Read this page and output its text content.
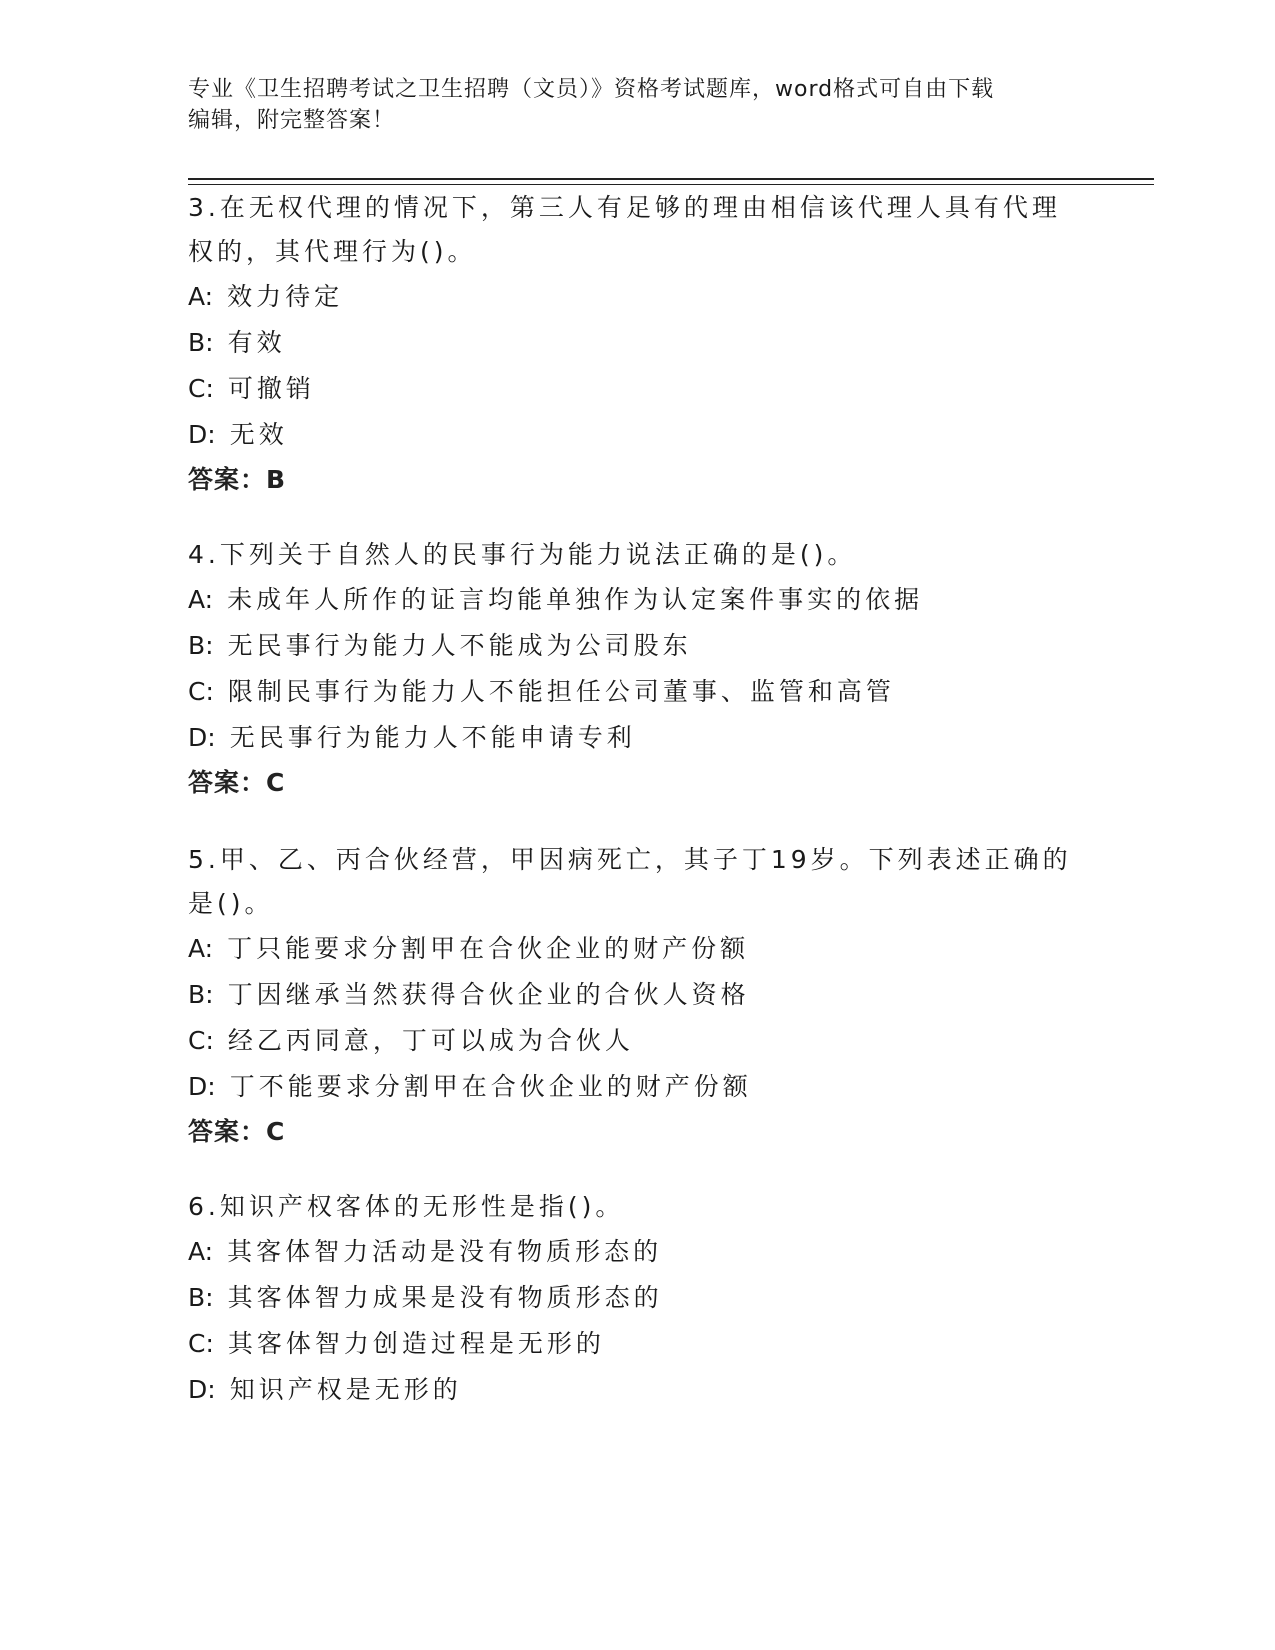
专业《卫生招聘考试之卫生招聘（文员）》资格考试题库，word格式可自由下载
编辑，附完整答案！
3.在无权代理的情况下，第三人有足够的理由相信该代理人具有代理
权的，其代理行为()。
A: 效力待定
B: 有效
C: 可撤销
D: 无效
答案：B
4.下列关于自然人的民事行为能力说法正确的是()。
A: 未成年人所作的证言均能单独作为认定案件事实的依据
B: 无民事行为能力人不能成为公司股东
C: 限制民事行为能力人不能担任公司董事、监管和高管
D: 无民事行为能力人不能申请专利
答案：C
5.甲、乙、丙合伙经营，甲因病死亡，其子丁19岁。下列表述正确的
是()。
A: 丁只能要求分割甲在合伙企业的财产份额
B: 丁因继承当然获得合伙企业的合伙人资格
C: 经乙丙同意，丁可以成为合伙人
D: 丁不能要求分割甲在合伙企业的财产份额
答案：C
6.知识产权客体的无形性是指()。
A: 其客体智力活动是没有物质形态的
B: 其客体智力成果是没有物质形态的
C: 其客体智力创造过程是无形的
D: 知识产权是无形的
